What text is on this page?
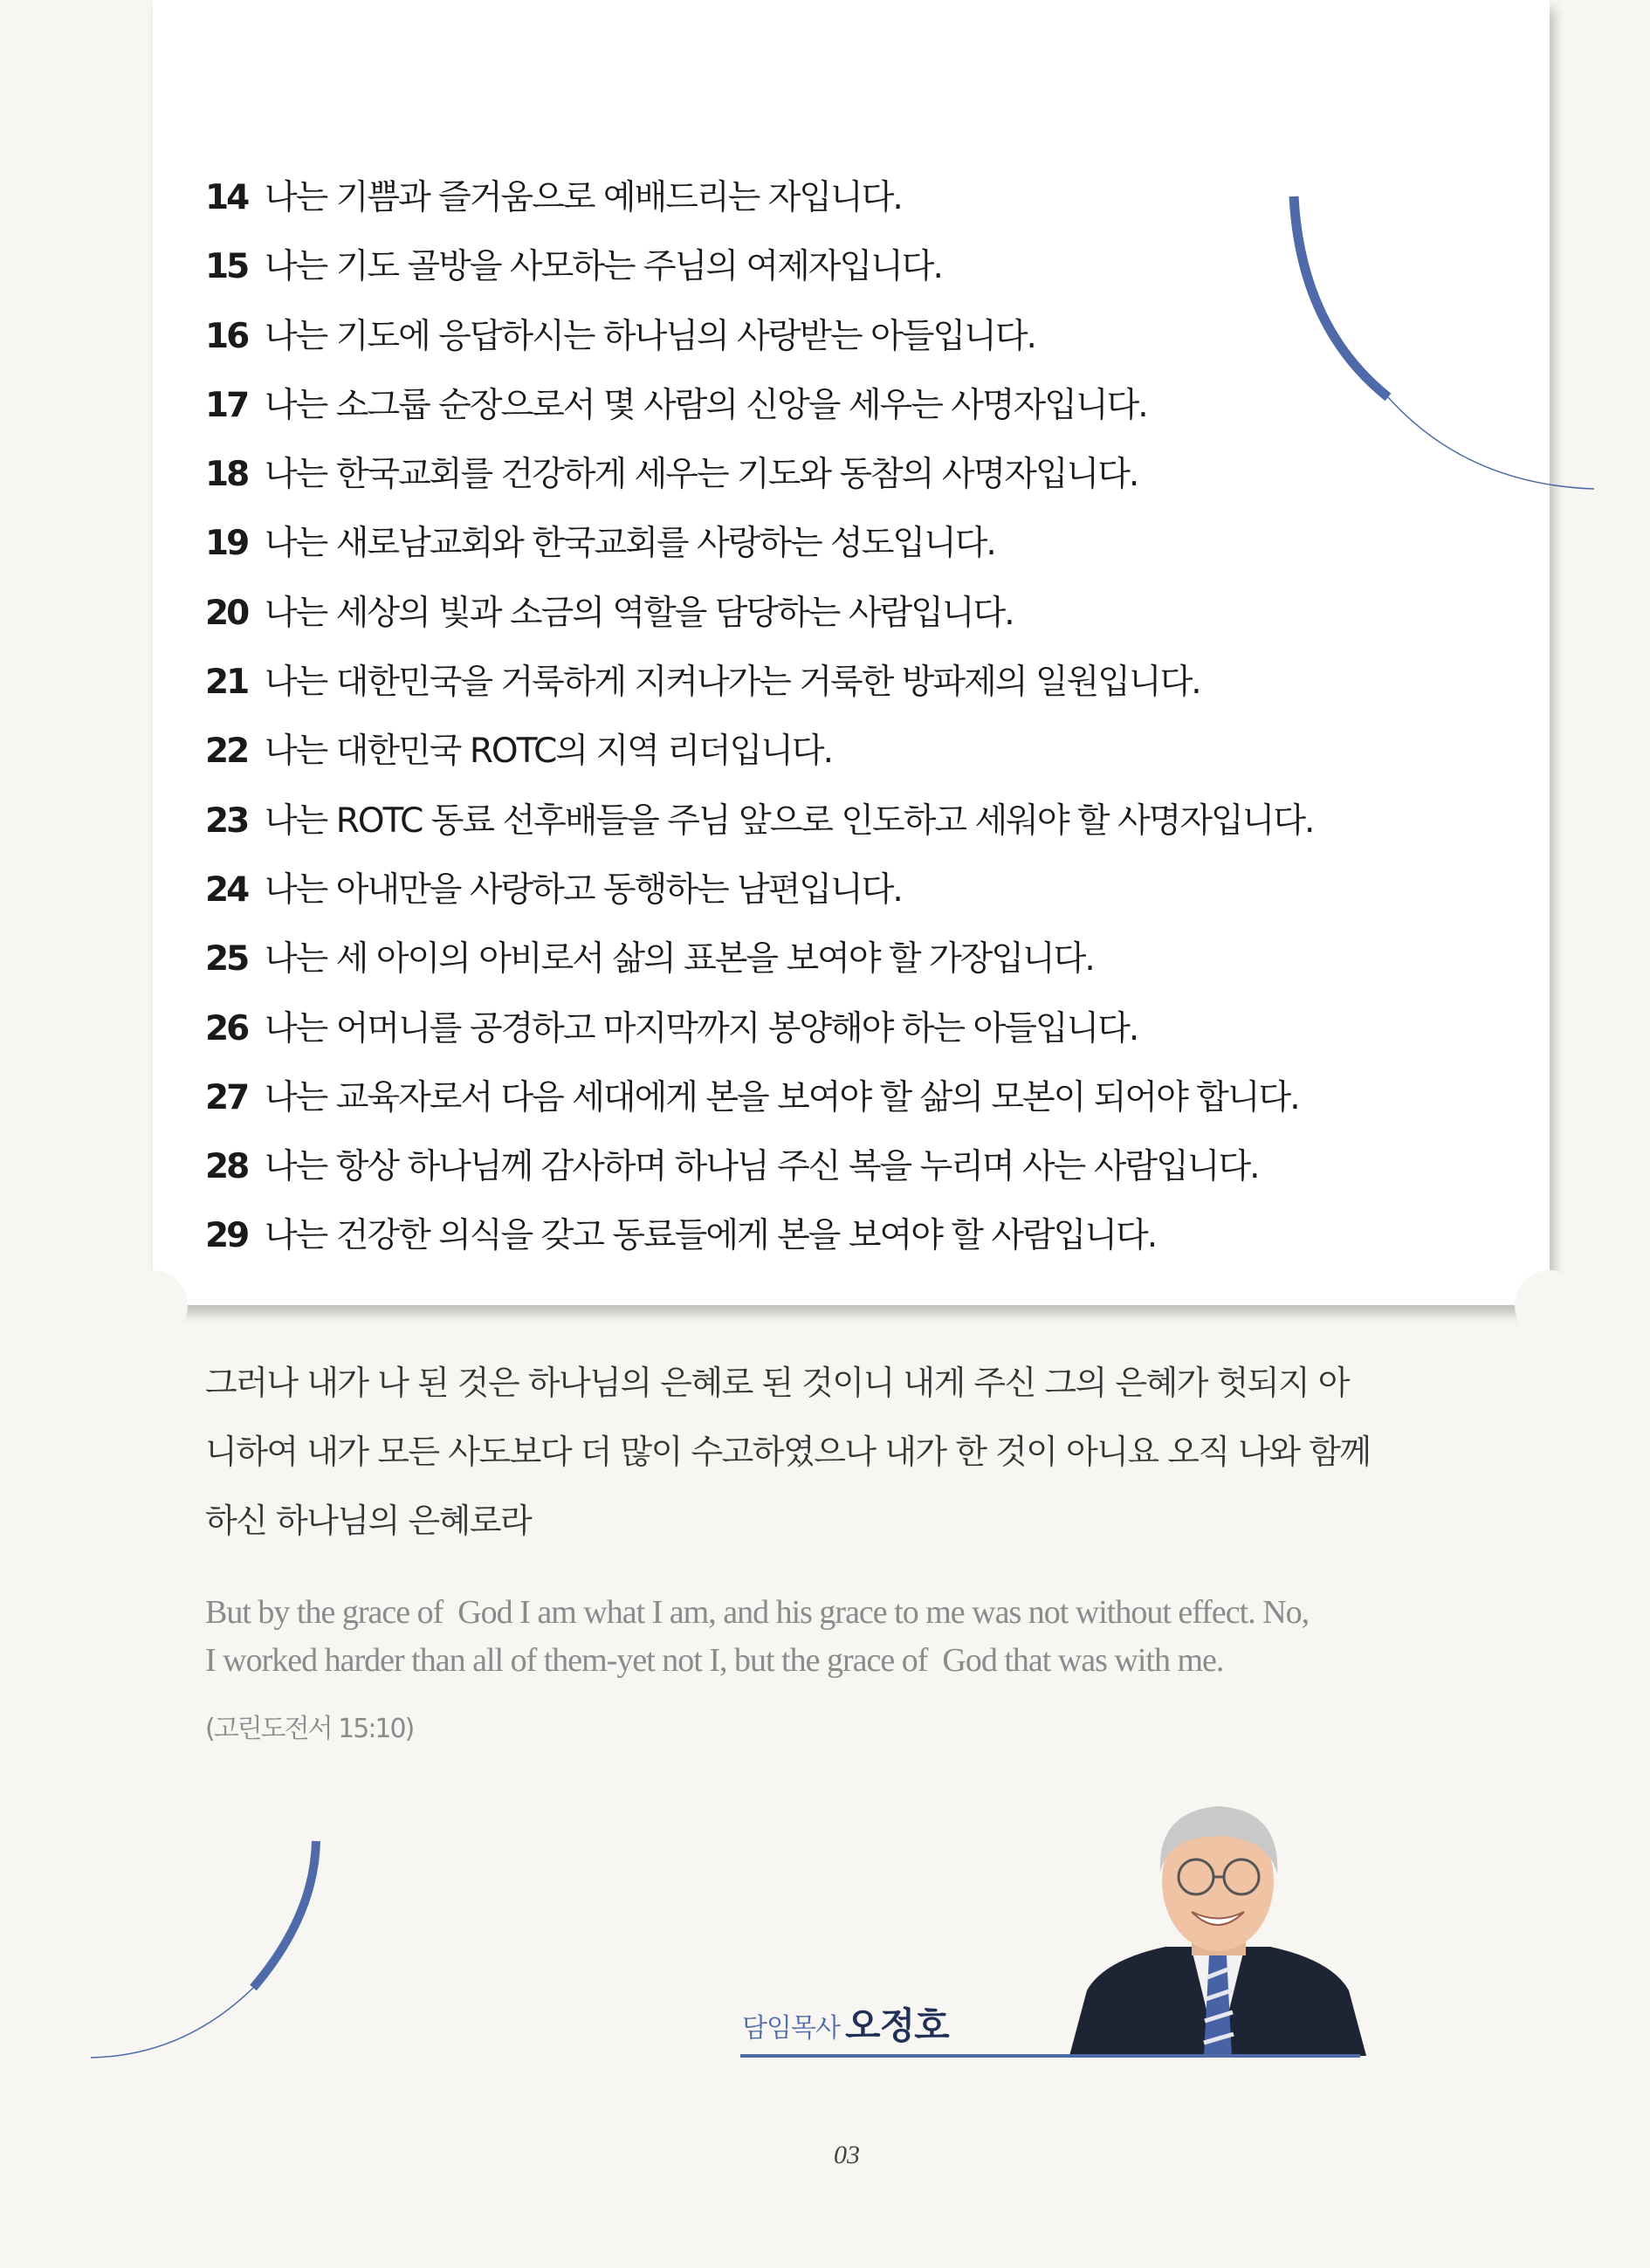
14 나는 기쁨과 즐거움으로 예배드리는 자입니다.
15 나는 기도 골방을 사모하는 주님의 여제자입니다.
16 나는 기도에 응답하시는 하나님의 사랑받는 아들입니다.
17 나는 소그룹 순장으로서 몇 사람의 신앙을 세우는 사명자입니다.
18 나는 한국교회를 건강하게 세우는 기도와 동참의 사명자입니다.
19 나는 새로남교회와 한국교회를 사랑하는 성도입니다.
20 나는 세상의 빛과 소금의 역할을 담당하는 사람입니다.
21 나는 대한민국을 거룩하게 지켜나가는 거룩한 방파제의 일원입니다.
22 나는 대한민국 ROTC의 지역 리더입니다.
23 나는 ROTC 동료 선후배들을 주님 앞으로 인도하고 세워야 할 사명자입니다.
24 나는 아내만을 사랑하고 동행하는 남편입니다.
25 나는 세 아이의 아비로서 삶의 표본을 보여야 할 가장입니다.
26 나는 어머니를 공경하고 마지막까지 봉양해야 하는 아들입니다.
27 나는 교육자로서 다음 세대에게 본을 보여야 할 삶의 모본이 되어야 합니다.
28 나는 항상 하나님께 감사하며 하나님 주신 복을 누리며 사는 사람입니다.
29 나는 건강한 의식을 갖고 동료들에게 본을 보여야 할 사람입니다.
그러나 내가 나 된 것은 하나님의 은혜로 된 것이니 내게 주신 그의 은혜가 헛되지 아
니하여 내가 모든 사도보다 더 많이 수고하였으나 내가 한 것이 아니요 오직 나와 함께
하신 하나님의 은혜로라
But by the grace of  God I am what I am, and his grace to me was not without effect. No,
I worked harder than all of them-yet not I, but the grace of  God that was with me.
(고린도전서 15:10)
담임목사 오정호
03
